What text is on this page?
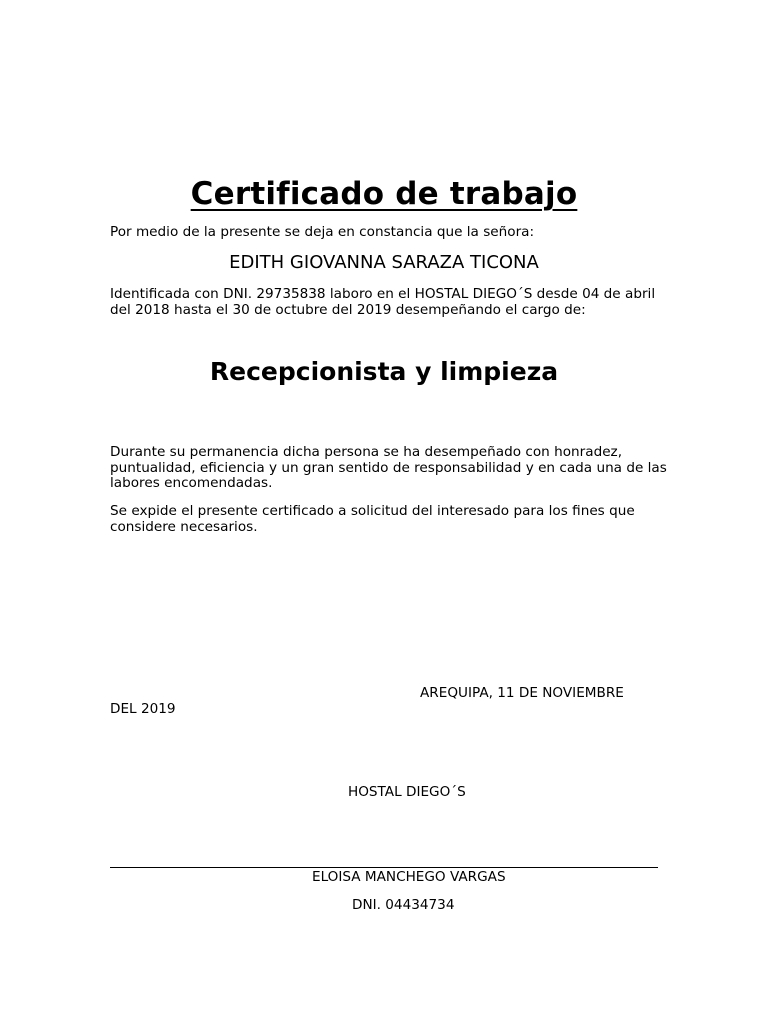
Certificado de trabajo
Por medio de la presente se deja en constancia que la señora:
EDITH GIOVANNA SARAZA TICONA
Identificada con DNI. 29735838 laboro en el HOSTAL DIEGO´S desde 04 de abril del 2018 hasta el 30 de octubre del 2019 desempeñando el cargo de:
Recepcionista y limpieza
Durante su permanencia dicha persona se ha desempeñado con honradez, puntualidad, eficiencia y un gran sentido de responsabilidad y en cada una de las labores encomendadas.
Se expide el presente certificado a solicitud del interesado para los fines que considere necesarios.
AREQUIPA, 11 DE NOVIEMBRE
DEL 2019
HOSTAL DIEGO´S
ELOISA MANCHEGO VARGAS
DNI. 04434734
